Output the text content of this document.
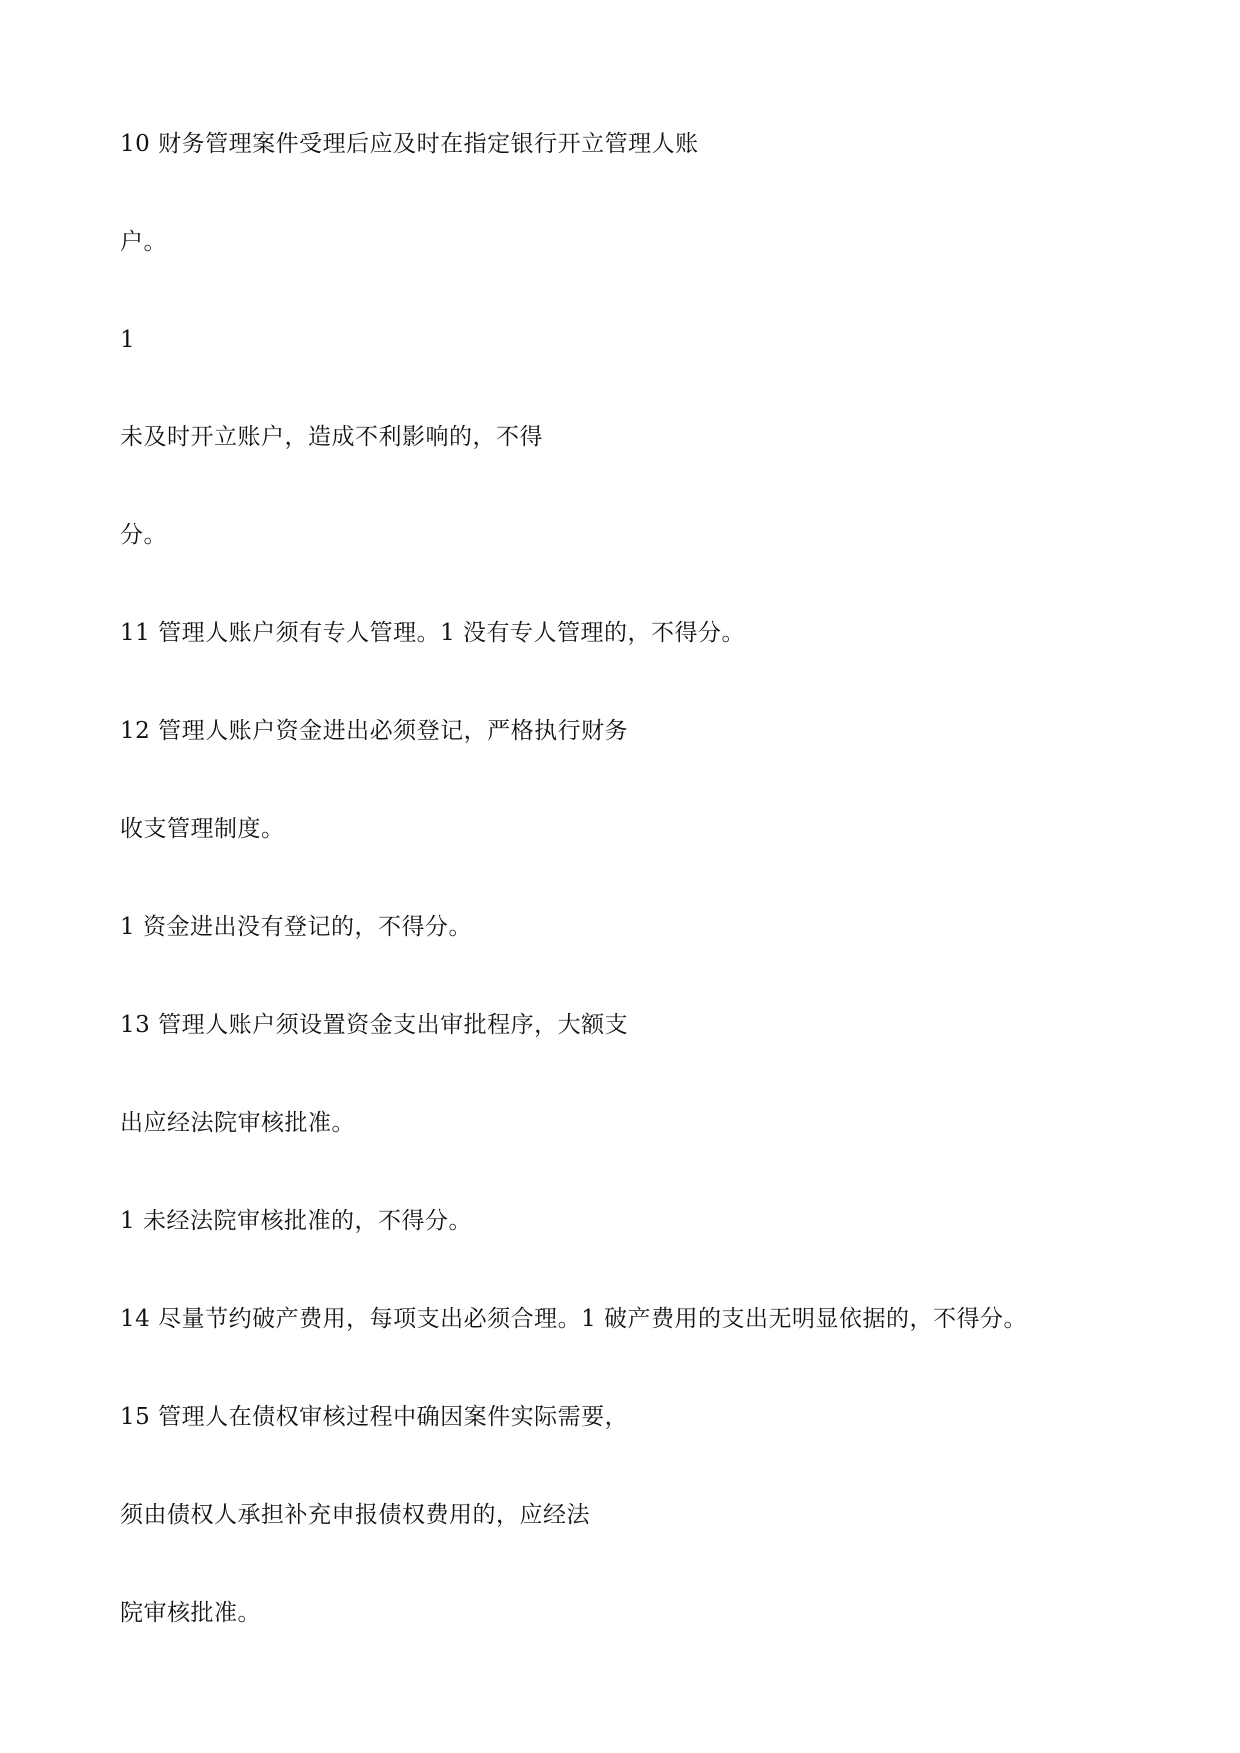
10 财务管理案件受理后应及时在指定银行开立管理人账
户。
1
未及时开立账户，造成不利影响的，不得
分。
11 管理人账户须有专人管理。1 没有专人管理的，不得分。
12 管理人账户资金进出必须登记，严格执行财务
收支管理制度。
1 资金进出没有登记的，不得分。
13 管理人账户须设置资金支出审批程序，大额支
出应经法院审核批准。
1 未经法院审核批准的，不得分。
14 尽量节约破产费用，每项支出必须合理。1 破产费用的支出无明显依据的，不得分。
15 管理人在债权审核过程中确因案件实际需要，
须由债权人承担补充申报债权费用的，应经法
院审核批准。
